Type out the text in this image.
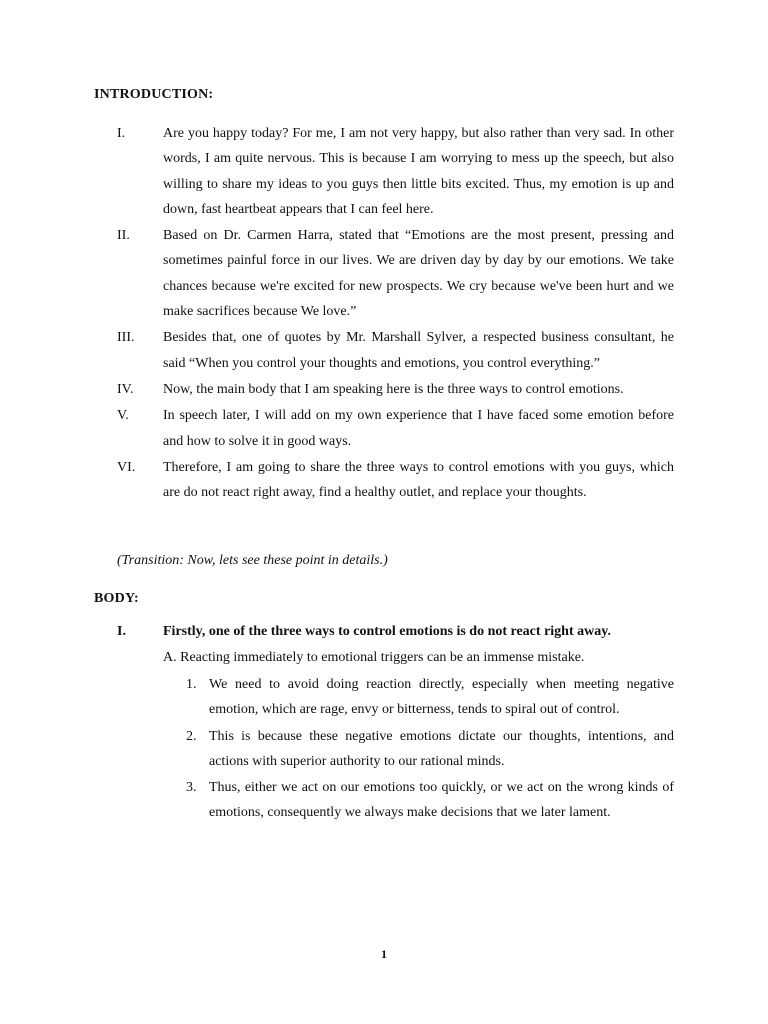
INTRODUCTION:
I.	Are you happy today? For me, I am not very happy, but also rather than very sad. In other words, I am quite nervous. This is because I am worrying to mess up the speech, but also willing to share my ideas to you guys then little bits excited. Thus, my emotion is up and down, fast heartbeat appears that I can feel here.
II. Based on Dr. Carmen Harra, stated that “Emotions are the most present, pressing and sometimes painful force in our lives. We are driven day by day by our emotions. We take chances because we're excited for new prospects. We cry because we've been hurt and we make sacrifices because We love.”
III. Besides that, one of quotes by Mr. Marshall Sylver, a respected business consultant, he said “When you control your thoughts and emotions, you control everything.”
IV. Now, the main body that I am speaking here is the three ways to control emotions.
V. In speech later, I will add on my own experience that I have faced some emotion before and how to solve it in good ways.
VI. Therefore, I am going to share the three ways to control emotions with you guys, which are do not react right away, find a healthy outlet, and replace your thoughts.
(Transition: Now, lets see these point in details.)
BODY:
I.	Firstly, one of the three ways to control emotions is do not react right away.
A. Reacting immediately to emotional triggers can be an immense mistake.
1. We need to avoid doing reaction directly, especially when meeting negative emotion, which are rage, envy or bitterness, tends to spiral out of control.
2. This is because these negative emotions dictate our thoughts, intentions, and actions with superior authority to our rational minds.
3. Thus, either we act on our emotions too quickly, or we act on the wrong kinds of emotions, consequently we always make decisions that we later lament.
1
